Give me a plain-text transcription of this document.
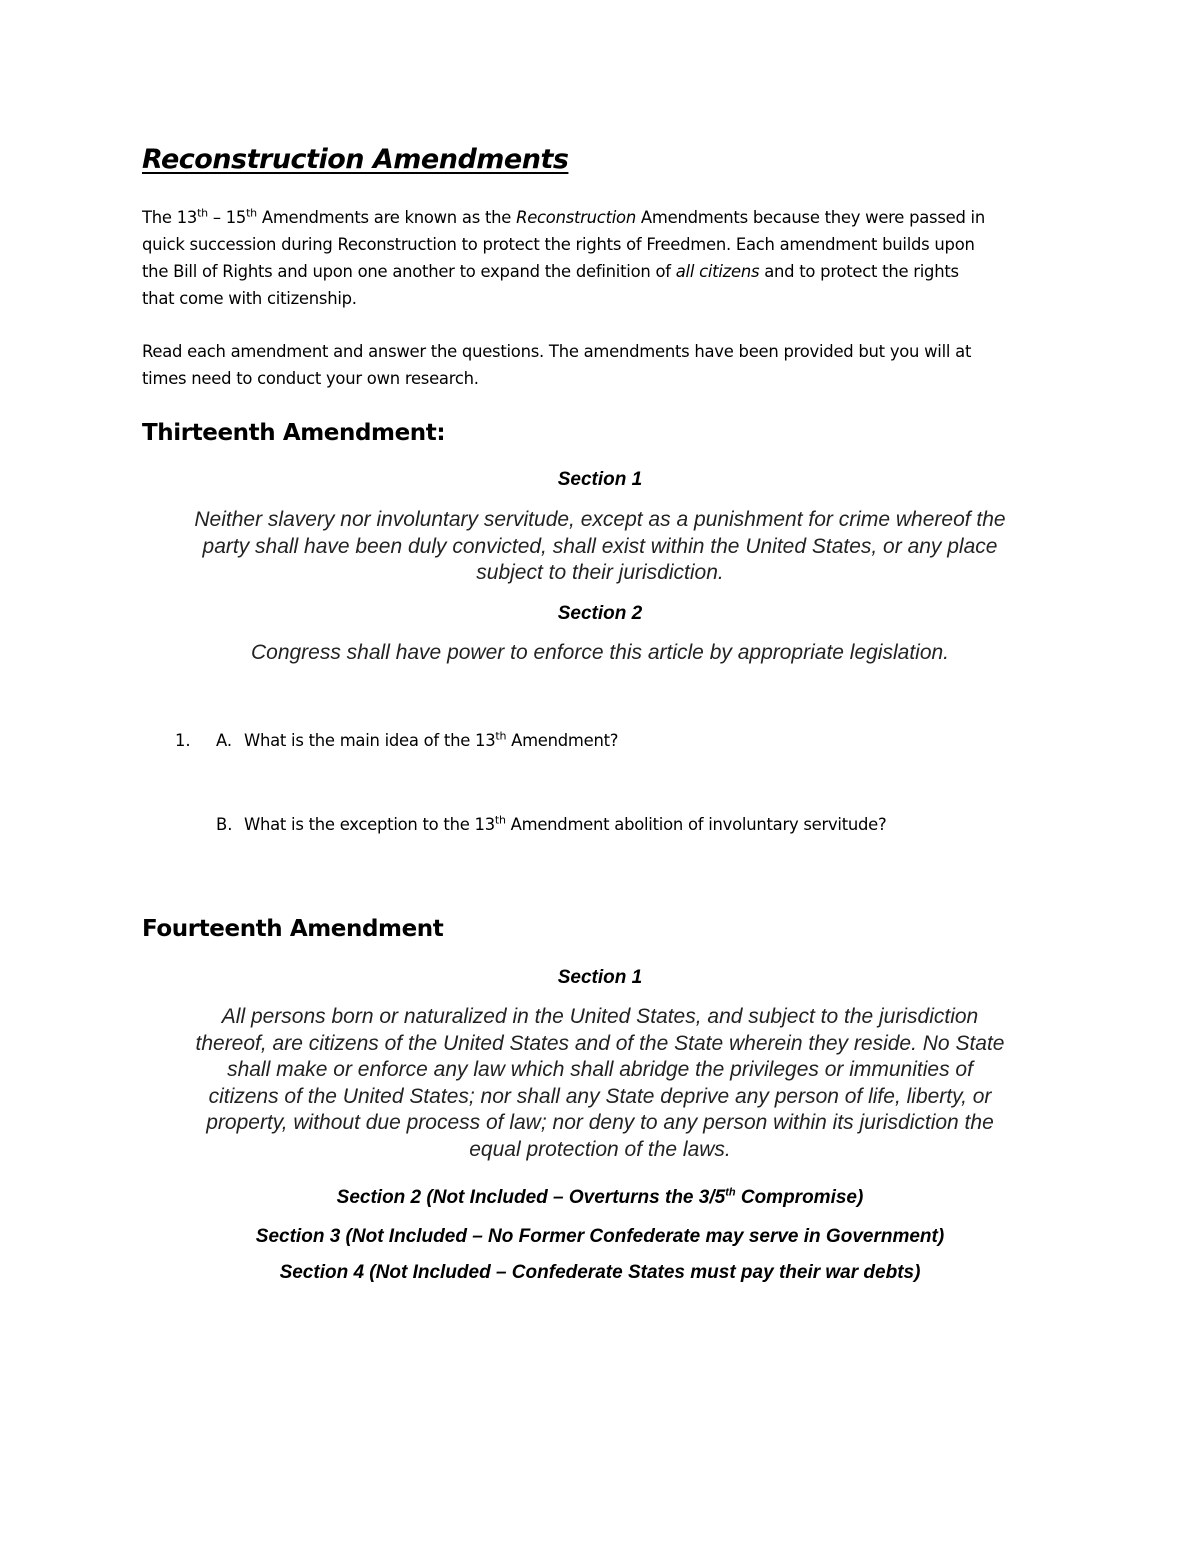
Reconstruction Amendments

The 13th – 15th Amendments are known as the Reconstruction Amendments because they were passed in

quick succession during Reconstruction to protect the rights of Freedmen. Each amendment builds upon

the Bill of Rights and upon one another to expand the definition of all citizens and to protect the rights

that come with citizenship.

Read each amendment and answer the questions. The amendments have been provided but you will at

times need to conduct your own research.

Thirteenth Amendment:
Section 1

Neither slavery nor involuntary servitude, except as a punishment for crime whereof the

party shall have been duly convicted, shall exist within the United States, or any place

subject to their jurisdiction.

Section 2

Congress shall have power to enforce this article by appropriate legislation.

1. A. What is the main idea of the 13th Amendment?
B. What is the exception to the 13th Amendment abolition of involuntary servitude?
Fourteenth Amendment
Section 1

All persons born or naturalized in the United States, and subject to the jurisdiction

thereof, are citizens of the United States and of the State wherein they reside. No State

shall make or enforce any law which shall abridge the privileges or immunities of

citizens of the United States; nor shall any State deprive any person of life, liberty, or

property, without due process of law; nor deny to any person within its jurisdiction the

equal protection of the laws.

Section 2 (Not Included – Overturns the 3/5th Compromise)
Section 3 (Not Included – No Former Confederate may serve in Government)
Section 4 (Not Included – Confederate States must pay their war debts)
